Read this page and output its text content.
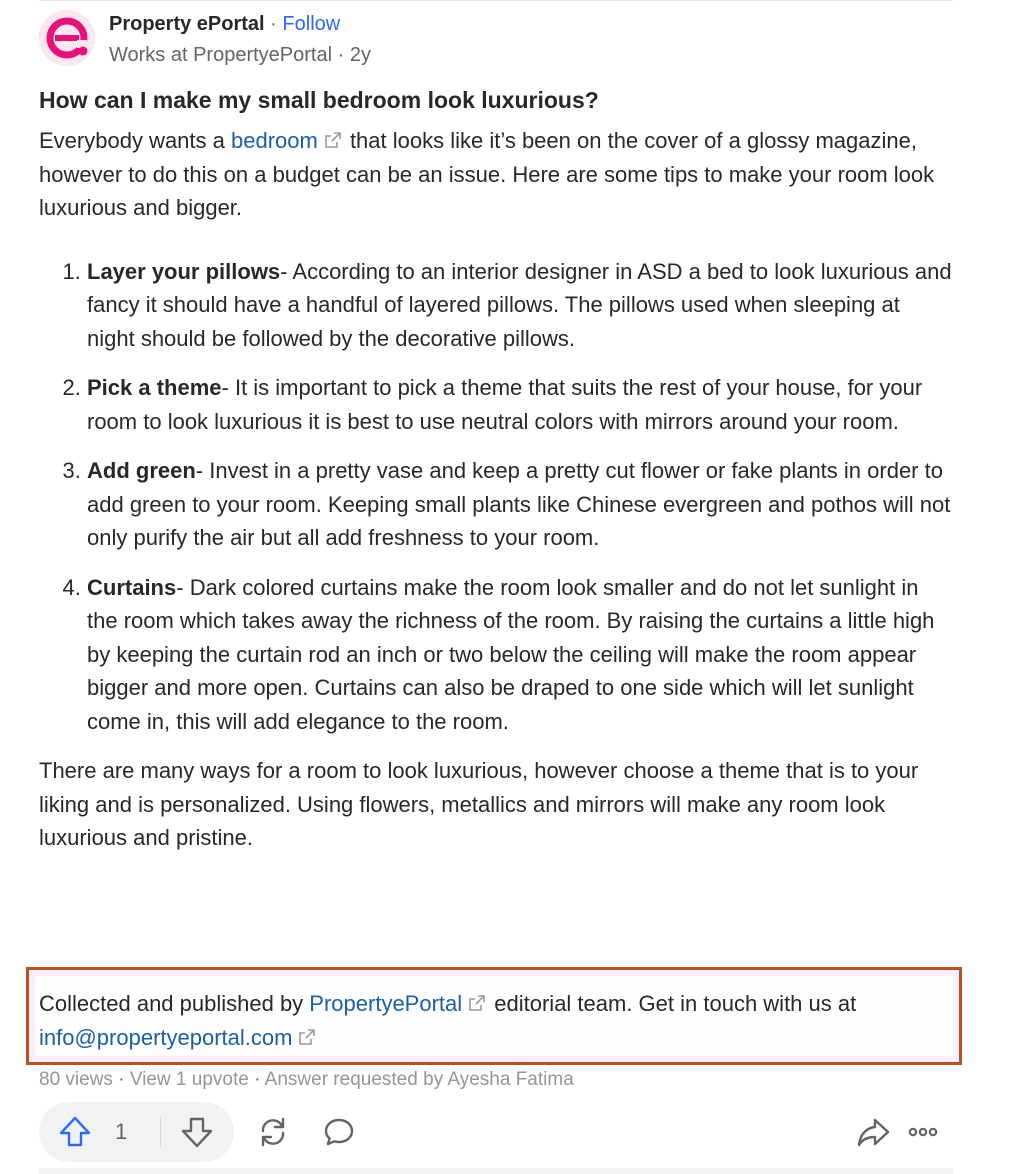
Property ePortal · Follow
Works at PropertyePortal · 2y
How can I make my small bedroom look luxurious?

Everybody wants a bedroom
that looks like it’s been on the cover of a glossy magazine, however to do this on a budget can be an issue. Here are some tips to make your room look luxurious and bigger.

1. Layer your pillows- According to an interior designer in ASD a bed to look luxurious and fancy it should have a handful of layered pillows. The pillows used when sleeping at night should be followed by the decorative pillows.
2. Pick a theme- It is important to pick a theme that suits the rest of your house, for your room to look luxurious it is best to use neutral colors with mirrors around your room.
3. Add green- Invest in a pretty vase and keep a pretty cut flower or fake plants in order to add green to your room. Keeping small plants like Chinese evergreen and pothos will not only purify the air but all add freshness to your room.
4. Curtains- Dark colored curtains make the room look smaller and do not let sunlight in the room which takes away the richness of the room. By raising the curtains a little high by keeping the curtain rod an inch or two below the ceiling will make the room appear bigger and more open. Curtains can also be draped to one side which will let sunlight come in, this will add elegance to the room.

There are many ways for a room to look luxurious, however choose a theme that is to your liking and is personalized. Using flowers, metallics and mirrors will make any room look luxurious and pristine.

Collected and published by PropertyePortal
editorial team. Get in touch with us at info@propertyeportal.com
80 views · View 1 upvote · Answer requested by Ayesha Fatima
1
